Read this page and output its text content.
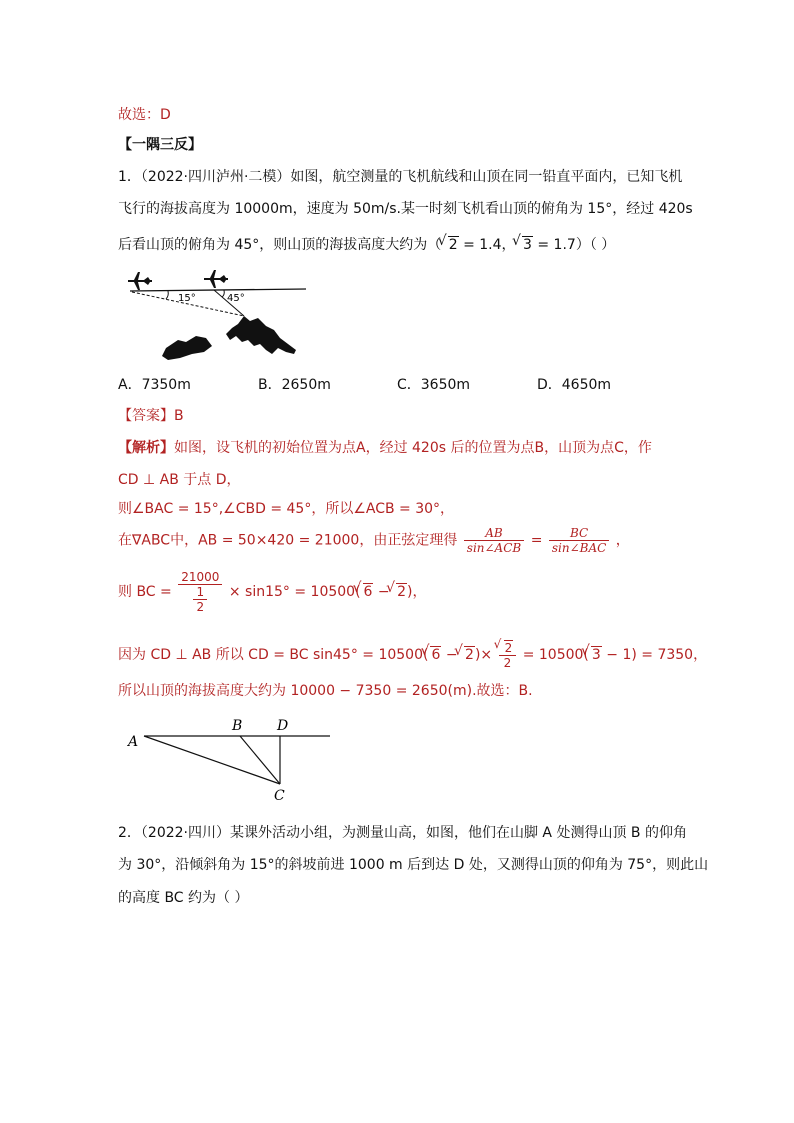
故选：D
【一隅三反】
1．（2022·四川泸州·二模）如图，航空测量的飞机航线和山顶在同一铅直平面内，已知飞机
飞行的海拔高度为 10000m，速度为 50m/s.某一时刻飞机看山顶的俯角为 15°，经过 420s
后看山顶的俯角为 45°，则山顶的海拔高度大约为（ √ 2 = 1.4， √ 3 = 1.7）（ ）
15°	45°
A．7350m	B．2650m	C．3650m	D．4650m
【答案】B
【解析】如图，设飞机的初始位置为点A，经过 420s 后的位置为点B，山顶为点C，作
CD ⊥ AB 于点 D，
则∠BAC = 15°,∠CBD = 45°，所以∠ACB = 30°，
在∇ABC中，AB = 50×420 = 21000，由正弦定理得 $\frac{AB}{\text{sin∠ACB}} = \frac{BC}{\text{sin∠BAC}}$ ，
则 BC = $\frac{21000}{\frac{1}{2}} \times \sin 15^\circ = 10500(√$ 6 − √ 2)，
因为 CD ⊥ AB 所以 CD = BC sin45° = 10500(√ 6 − √ 2)×
√ $\frac{2}{2} = 10500(√$ 3 − 1) = 7350，
所以山顶的海拔高度大约为 10000 − 7350 = 2650(m).故选：B.
A
B D
C
2．（2022·四川）某课外活动小组，为测量山高，如图，他们在山脚 A 处测得山顶 B 的仰角
为 30°，沿倾斜角为 15°的斜坡前进 1000 m 后到达 D 处，又测得山顶的仰角为 75°，则此山
的高度 BC 约为（ ）
